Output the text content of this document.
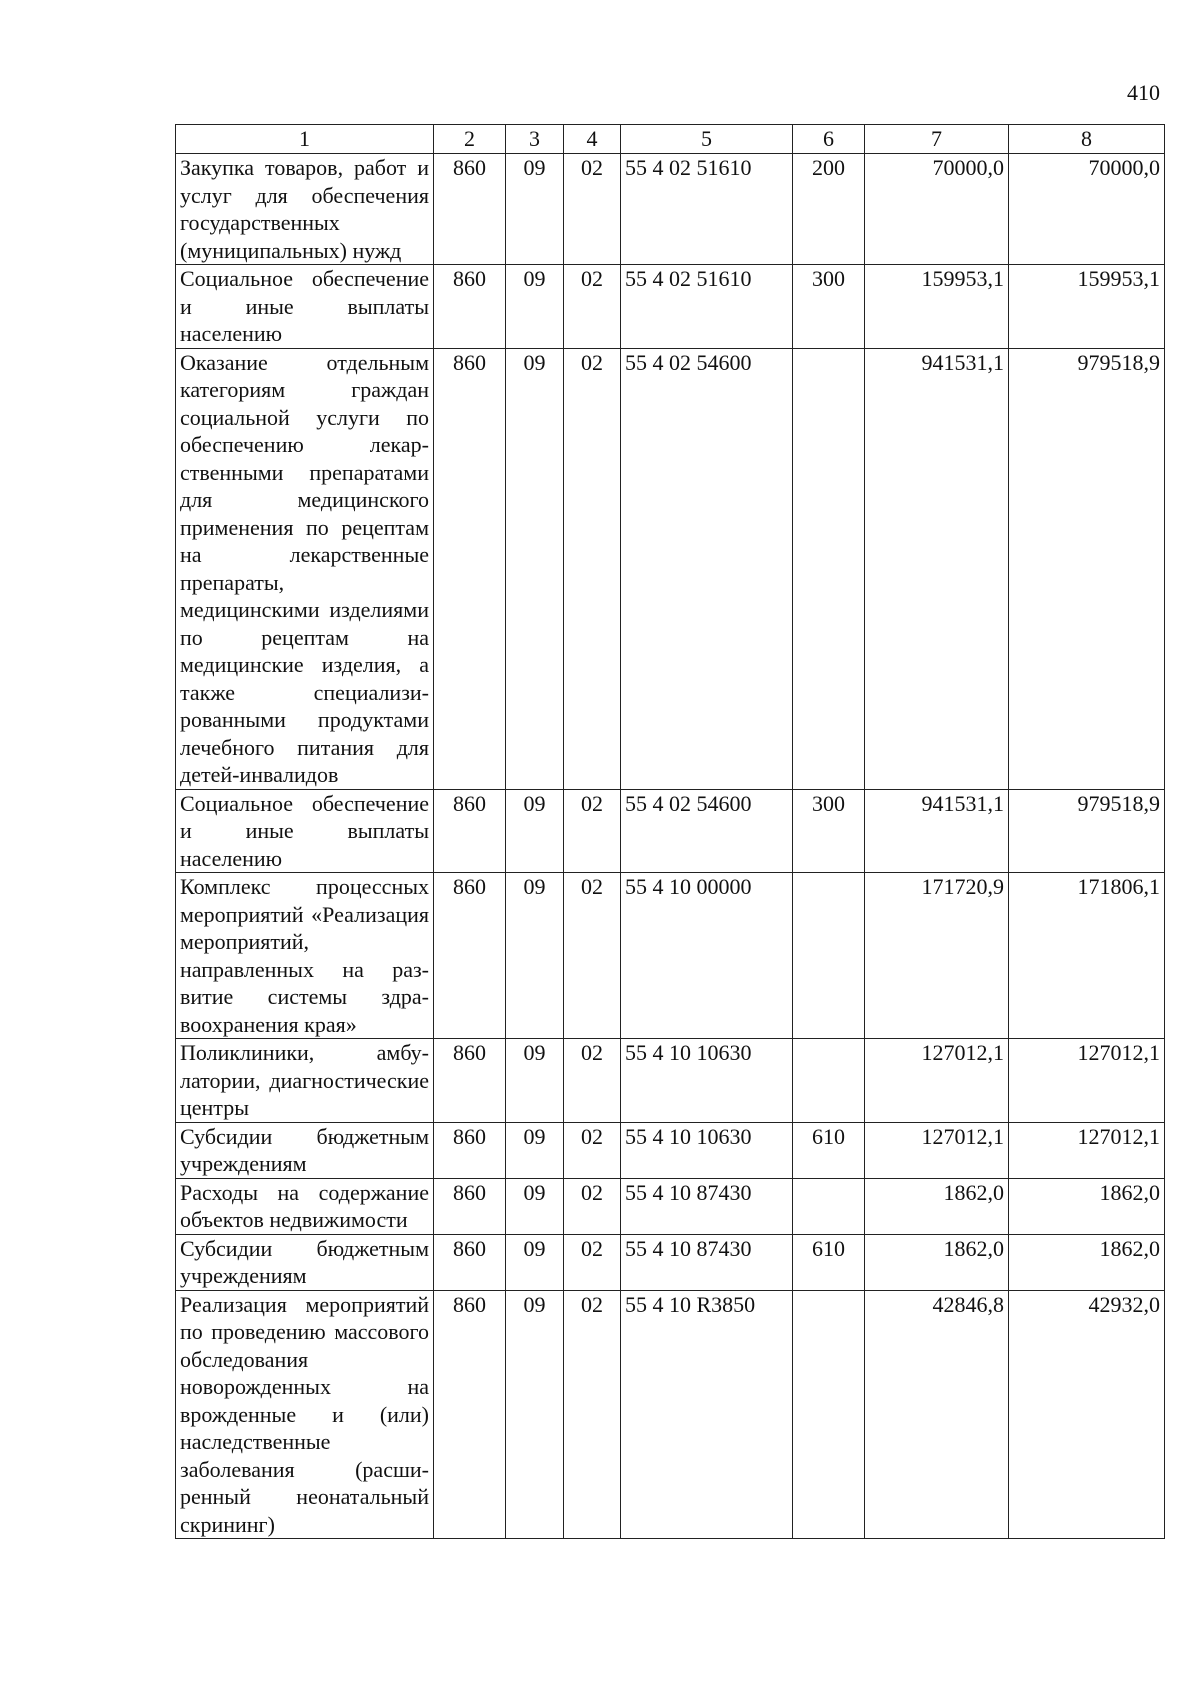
410
1	2	3	4	5	6	7	8
Закупка товаров, работ и услуг для обеспечения государственных (муниципальных) нужд	860	09	02	55 4 02 51610	200	70000,0	70000,0
Социальное обеспечение и иные выплаты населению	860	09	02	55 4 02 51610	300	159953,1	159953,1
Оказание отдельным категориям граждан социальной услуги по обеспечению лекарственными препаратами для медицинского применения по рецептам на лекарственные препараты, медицинскими изделиями по рецептам на медицинские изделия, а также специализированными продуктами лечебного питания для детей-инвалидов	860	09	02	55 4 02 54600		941531,1	979518,9
Социальное обеспечение и иные выплаты населению	860	09	02	55 4 02 54600	300	941531,1	979518,9
Комплекс процессных мероприятий «Реализация мероприятий, направленных на развитие системы здравоохранения края»	860	09	02	55 4 10 00000		171720,9	171806,1
Поликлиники, амбулатории, диагностические центры	860	09	02	55 4 10 10630		127012,1	127012,1
Субсидии бюджетным учреждениям	860	09	02	55 4 10 10630	610	127012,1	127012,1
Расходы на содержание объектов недвижимости	860	09	02	55 4 10 87430		1862,0	1862,0
Субсидии бюджетным учреждениям	860	09	02	55 4 10 87430	610	1862,0	1862,0
Реализация мероприятий по проведению массового обследования новорожденных на врожденные и (или) наследственные заболевания (расширенный неонатальный скрининг)	860	09	02	55 4 10 R3850		42846,8	42932,0
